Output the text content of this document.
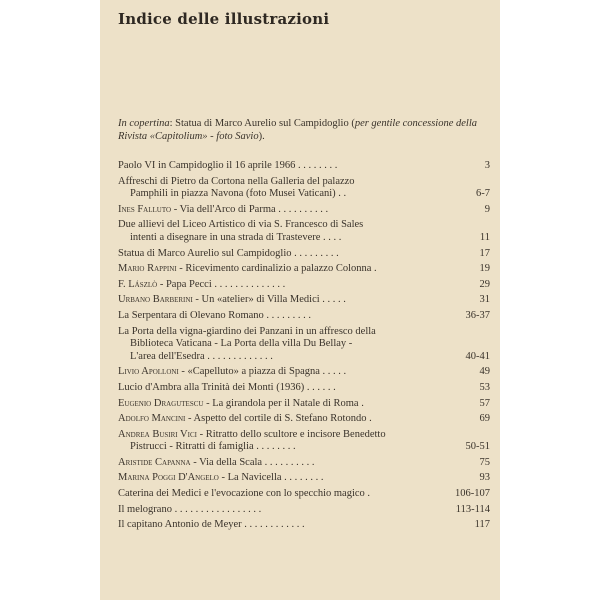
Indice delle illustrazioni
In copertina: Statua di Marco Aurelio sul Campidoglio (per gentile concessione della Rivista «Capitolium» - foto Savio).
Paolo VI in Campidoglio il 16 aprile 1966 . . . . . . . .	3
Affreschi di Pietro da Cortona nella Galleria del palazzo
Pamphili in piazza Navona (foto Musei Vaticani) . .	6-7
Ines Falluto - Via dell'Arco di Parma . . . . . . . . . .	9
Due allievi del Liceo Artistico di via S. Francesco di Sales
intenti a disegnare in una strada di Trastevere . . . .	11
Statua di Marco Aurelio sul Campidoglio . . . . . . . . .	17
Mario Rappini - Ricevimento cardinalizio a palazzo Colonna .	19
F. Lászlò - Papa Pecci . . . . . . . . . . . . . .	29
Urbano Barberini - Un «atelier» di Villa Medici . . . . .	31
La Serpentara di Olevano Romano . . . . . . . . .	36-37
La Porta della vigna-giardino dei Panzani in un affresco della
Biblioteca Vaticana - La Porta della villa Du Bellay -
L'area dell'Esedra . . . . . . . . . . . . .	40-41
Livio Apolloni - «Capelluto» a piazza di Spagna . . . . .	49
Lucio d'Ambra alla Trinità dei Monti (1936) . . . . . .	53
Eugenio Dragutescu - La girandola per il Natale di Roma .	57
Adolfo Mancini - Aspetto del cortile di S. Stefano Rotondo .	69
Andrea Busiri Vici - Ritratto dello scultore e incisore Benedetto
Pistrucci - Ritratti di famiglia . . . . . . . .	50-51
Aristide Capanna - Via della Scala . . . . . . . . . .	75
Marina Poggi D'Angelo - La Navicella . . . . . . . .	93
Caterina dei Medici e l'evocazione con lo specchio magico .	106-107
Il melograno . . . . . . . . . . . . . . . . .	113-114
Il capitano Antonio de Meyer . . . . . . . . . . . .	117
